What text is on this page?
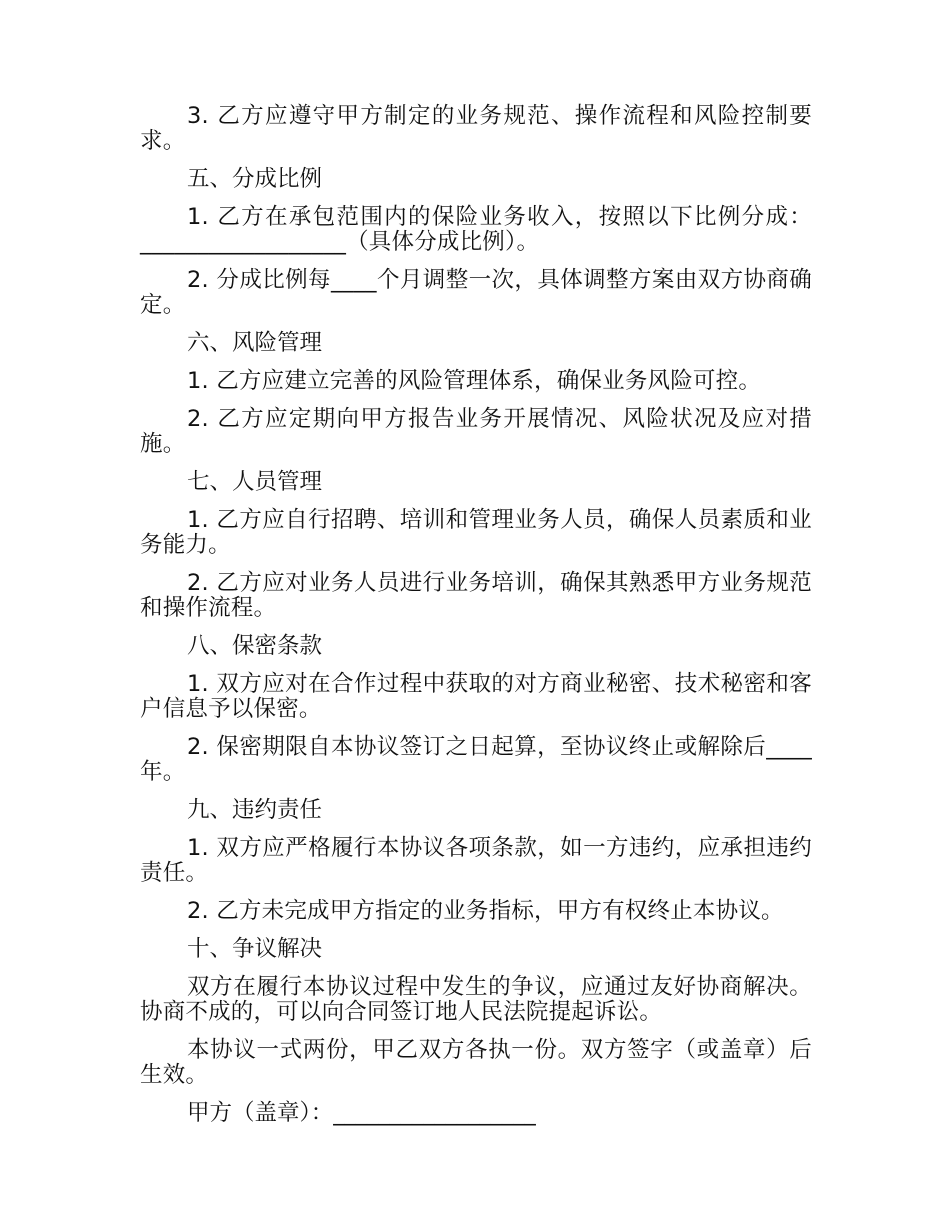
3. 乙方应遵守甲方制定的业务规范、操作流程和风险控制要求。

五、分成比例

1. 乙方在承包范围内的保险业务收入，按照以下比例分成：__________________（具体分成比例）。

2. 分成比例每____个月调整一次，具体调整方案由双方协商确定。

六、风险管理

1. 乙方应建立完善的风险管理体系，确保业务风险可控。

2. 乙方应定期向甲方报告业务开展情况、风险状况及应对措施。

七、人员管理

1. 乙方应自行招聘、培训和管理业务人员，确保人员素质和业务能力。

2. 乙方应对业务人员进行业务培训，确保其熟悉甲方业务规范和操作流程。

八、保密条款

1. 双方应对在合作过程中获取的对方商业秘密、技术秘密和客户信息予以保密。

2. 保密期限自本协议签订之日起算，至协议终止或解除后____年。

九、违约责任

1. 双方应严格履行本协议各项条款，如一方违约，应承担违约责任。

2. 乙方未完成甲方指定的业务指标，甲方有权终止本协议。

十、争议解决

双方在履行本协议过程中发生的争议，应通过友好协商解决。协商不成的，可以向合同签订地人民法院提起诉讼。

本协议一式两份，甲乙双方各执一份。双方签字（或盖章）后生效。

甲方（盖章）：__________________
